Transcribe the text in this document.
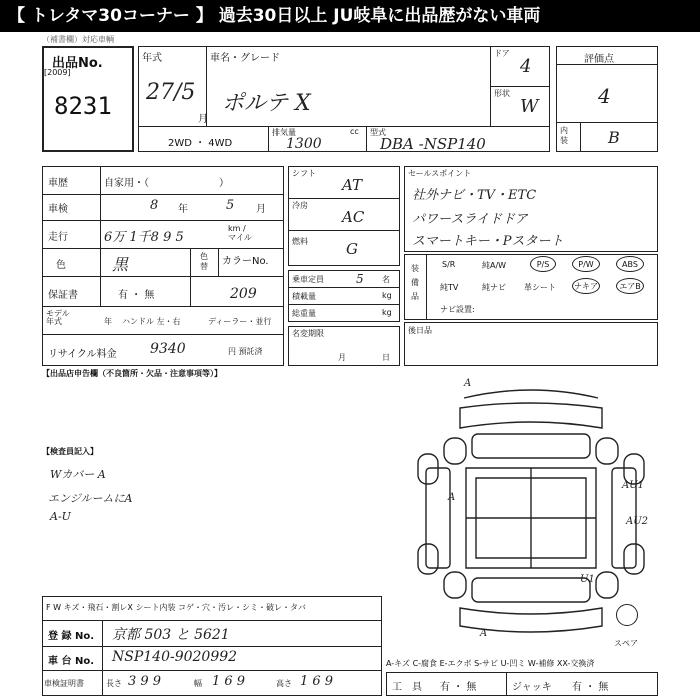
【 トレタマ30コーナー 】 過去30日以上 JU岐阜に出品歴がない車両
（補書欄）対応車輌
出品No.
[2009]
8231
年式
27/5
月
車名・グレード
ポルテ X
ドア
4
形状
W
2WD ・ 4WD
排気量	cc
1300
型式
DBA -NSP140
評価点
4
内装	B
車歴	自家用・（　　　　　　　）
車検	8 年	5 月
走行	6万 1千8 9 5
km / マイル
色	黒	色替 カラーNo.
209
保証書	有 ・ 無
モデル年式	年 ハンドル 左・右	ディーラー・並行
リサイクル料金 9340	円 預託済
シフト
AT
冷房
AC
燃料	G
乗車定員	5 名
積載量	kg
総重量	kg
名変期限
月	日
セールスポイント
社外ナビ・TV・ETC
パワースライドドア
スマートキー・Pスタート
装備品
S/R	純A/W	P/S	P/W	ABS
純TV	純ナビ 革シート ナキア	エアB
ナビ設置:
後日品
【出品店申告欄（不良箇所・欠品・注意事項等）】
【検査員記入】
Wカバー A
エンジルームにA
A-U
A
A
AU1
AU2
U1
A
スペア
F W キズ・飛石・割レX シート内装 コゲ・穴・汚レ・シミ・破レ・タバ
登 録 No. 京都 503 と 5621
車 台 No. NSP140-9020992
車検証明書	長さ 3 9 9	幅 1 6 9	高さ 1 6 9
A-キズ C-腐食 E-エクボ S-サビ U-凹ミ W-補修 XX-交換済
工　具 有 ・ 無	ジャッキ 有 ・ 無
